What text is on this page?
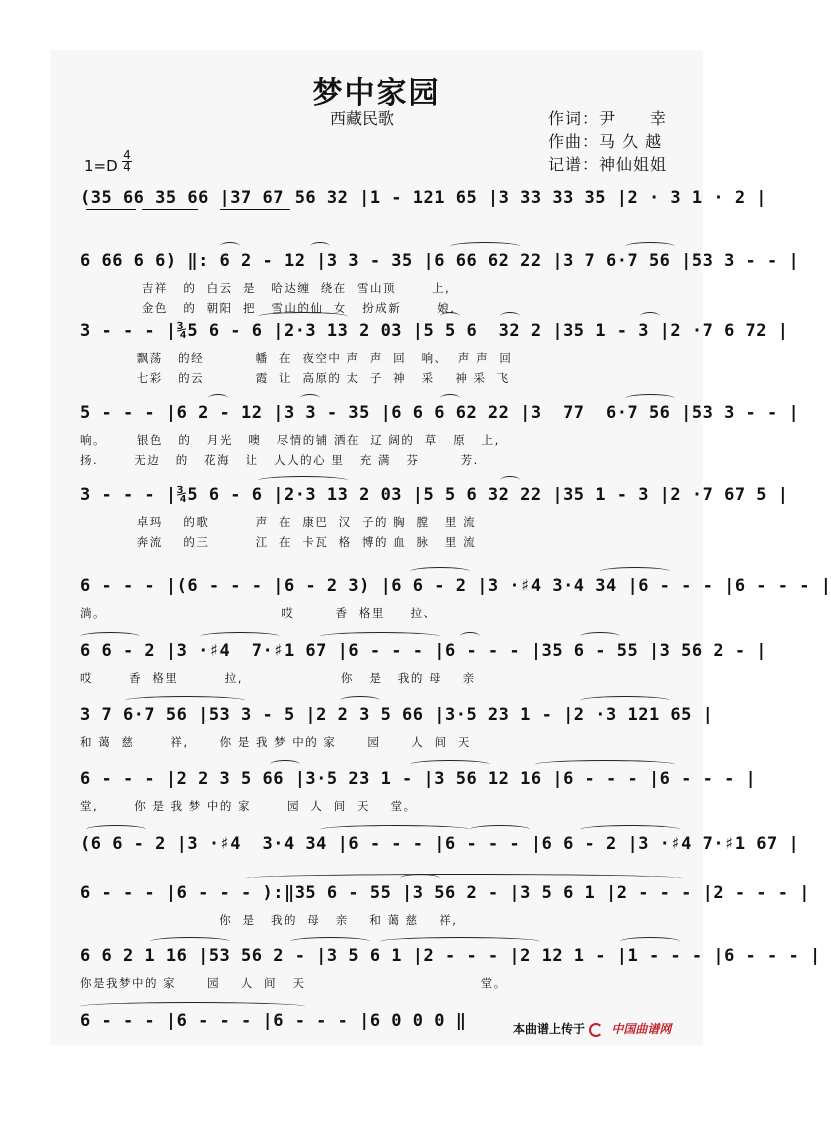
梦中家园
西藏民歌	作词：尹　　幸
作曲：马 久 越
记谱：神仙姐姐
1=D
4
4
(35 66 35 66 |37 67 56 32 |1 - 121 65 |3 33 33 35 |2 · 3 1 · 2 |
6 66 6 6) ‖: 6 2 - 12 |3 3 - 35 |6 66 62 22 |3 7 6·7 56 |53 3 - - |
吉祥   的  白云  是   哈达缠  绕在  雪山顶       上,
金色   的  朝阳  把   雪山的仙  女   扮成新       娘,
3 - - - |¾5 6 - 6 |2·3 13 2 03 |5 5 6  32 2 |35 1 - 3 |2 ·7 6 72 |
飘荡   的经          幡  在  夜空中 声  声  回   响、  声 声  回
七彩   的云          霞  让  高原的 太  子  神   采    神 采  飞
5 - - - |6 2 - 12 |3 3 - 35 |6 6 6 62 22 |3  77  6·7 56 |53 3 - - |
响。      银色   的   月光   噢   尽情的铺 洒在  辽 阔的  草   原   上,
扬.       无边   的   花海   让   人人的心 里   充 满   芬        芳.
3 - - - |¾5 6 - 6 |2·3 13 2 03 |5 5 6 32 22 |35 1 - 3 |2 ·7 67 5 |
卓玛    的歌         声  在  康巴  汉  子的 胸  膛   里 流
奔流    的三         江  在  卡瓦  格  博的 血  脉   里 流
6 - - - |(6 - - - |6 - 2 3) |6 6 - 2 |3 ·♯4 3·4 34 |6 - - - |6 - - - |
淌。                                  哎        香  格里     拉、
6 6 - 2 |3 ·♯4  7·♯1 67 |6 - - - |6 - - - |35 6 - 55 |3 56 2 - |
哎       香  格里         拉,                   你   是   我的 母    亲
3 7 6·7 56 |53 3 - 5 |2 2 3 5 66 |3·5 23 1 - |2 ·3 121 65 |
和 蔼  慈       祥,      你 是 我 梦 中的 家      园      人  间  天
6 - - - |2 2 3 5 66 |3·5 23 1 - |3 56 12 16 |6 - - - |6 - - - |
堂,       你 是 我 梦 中的 家       园  人  间  天    堂。
(6 6 - 2 |3 ·♯4  3·4 34 |6 - - - |6 - - - |6 6 - 2 |3 ·♯4 7·♯1 67 |
6 - - - |6 - - - ):‖35 6 - 55 |3 56 2 - |3 5 6 1 |2 - - - |2 - - - |
你  是   我的  母   亲    和 蔼 慈    祥,
6 6 2 1 16 |53 56 2 - |3 5 6 1 |2 - - - |2 12 1 - |1 - - - |6 - - - |
你是我梦中的 家      园    人  间   天                                  堂。
6 - - - |6 - - - |6 - - - |6 0 0 0 ‖	本曲谱上传于 中国曲谱网
